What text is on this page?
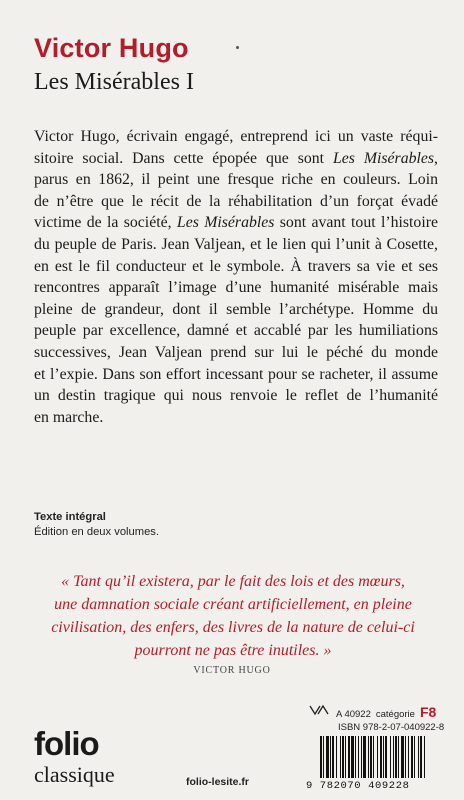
Victor Hugo
Les Misérables I

Victor Hugo, écrivain engagé, entreprend ici un vaste réqui-
sitoire social. Dans cette épopée que sont Les Misérables,
parus en 1862, il peint une fresque riche en couleurs. Loin
de n’être que le récit de la réhabilitation d’un forçat évadé
victime de la société, Les Misérables sont avant tout l’histoire
du peuple de Paris. Jean Valjean, et le lien qui l’unit à Cosette,
en est le fil conducteur et le symbole. À travers sa vie et ses
rencontres apparaît l’image d’une humanité misérable mais
pleine de grandeur, dont il semble l’archétype. Homme du
peuple par excellence, damné et accablé par les humiliations
successives, Jean Valjean prend sur lui le péché du monde
et l’expie. Dans son effort incessant pour se racheter, il assume
un destin tragique qui nous renvoie le reflet de l’humanité
en marche.

Texte intégral
Édition en deux volumes.
« Tant qu’il existera, par le fait des lois et des mœurs,
une damnation sociale créant artificiellement, en pleine
civilisation, des enfers, des livres de la nature de celui-ci
pourront ne pas être inutiles. »
VICTOR HUGO
folio
classique	folio-lesite.fr
A 40922 catégorie F8
ISBN 978-2-07-040922-8
9 782070 409228
